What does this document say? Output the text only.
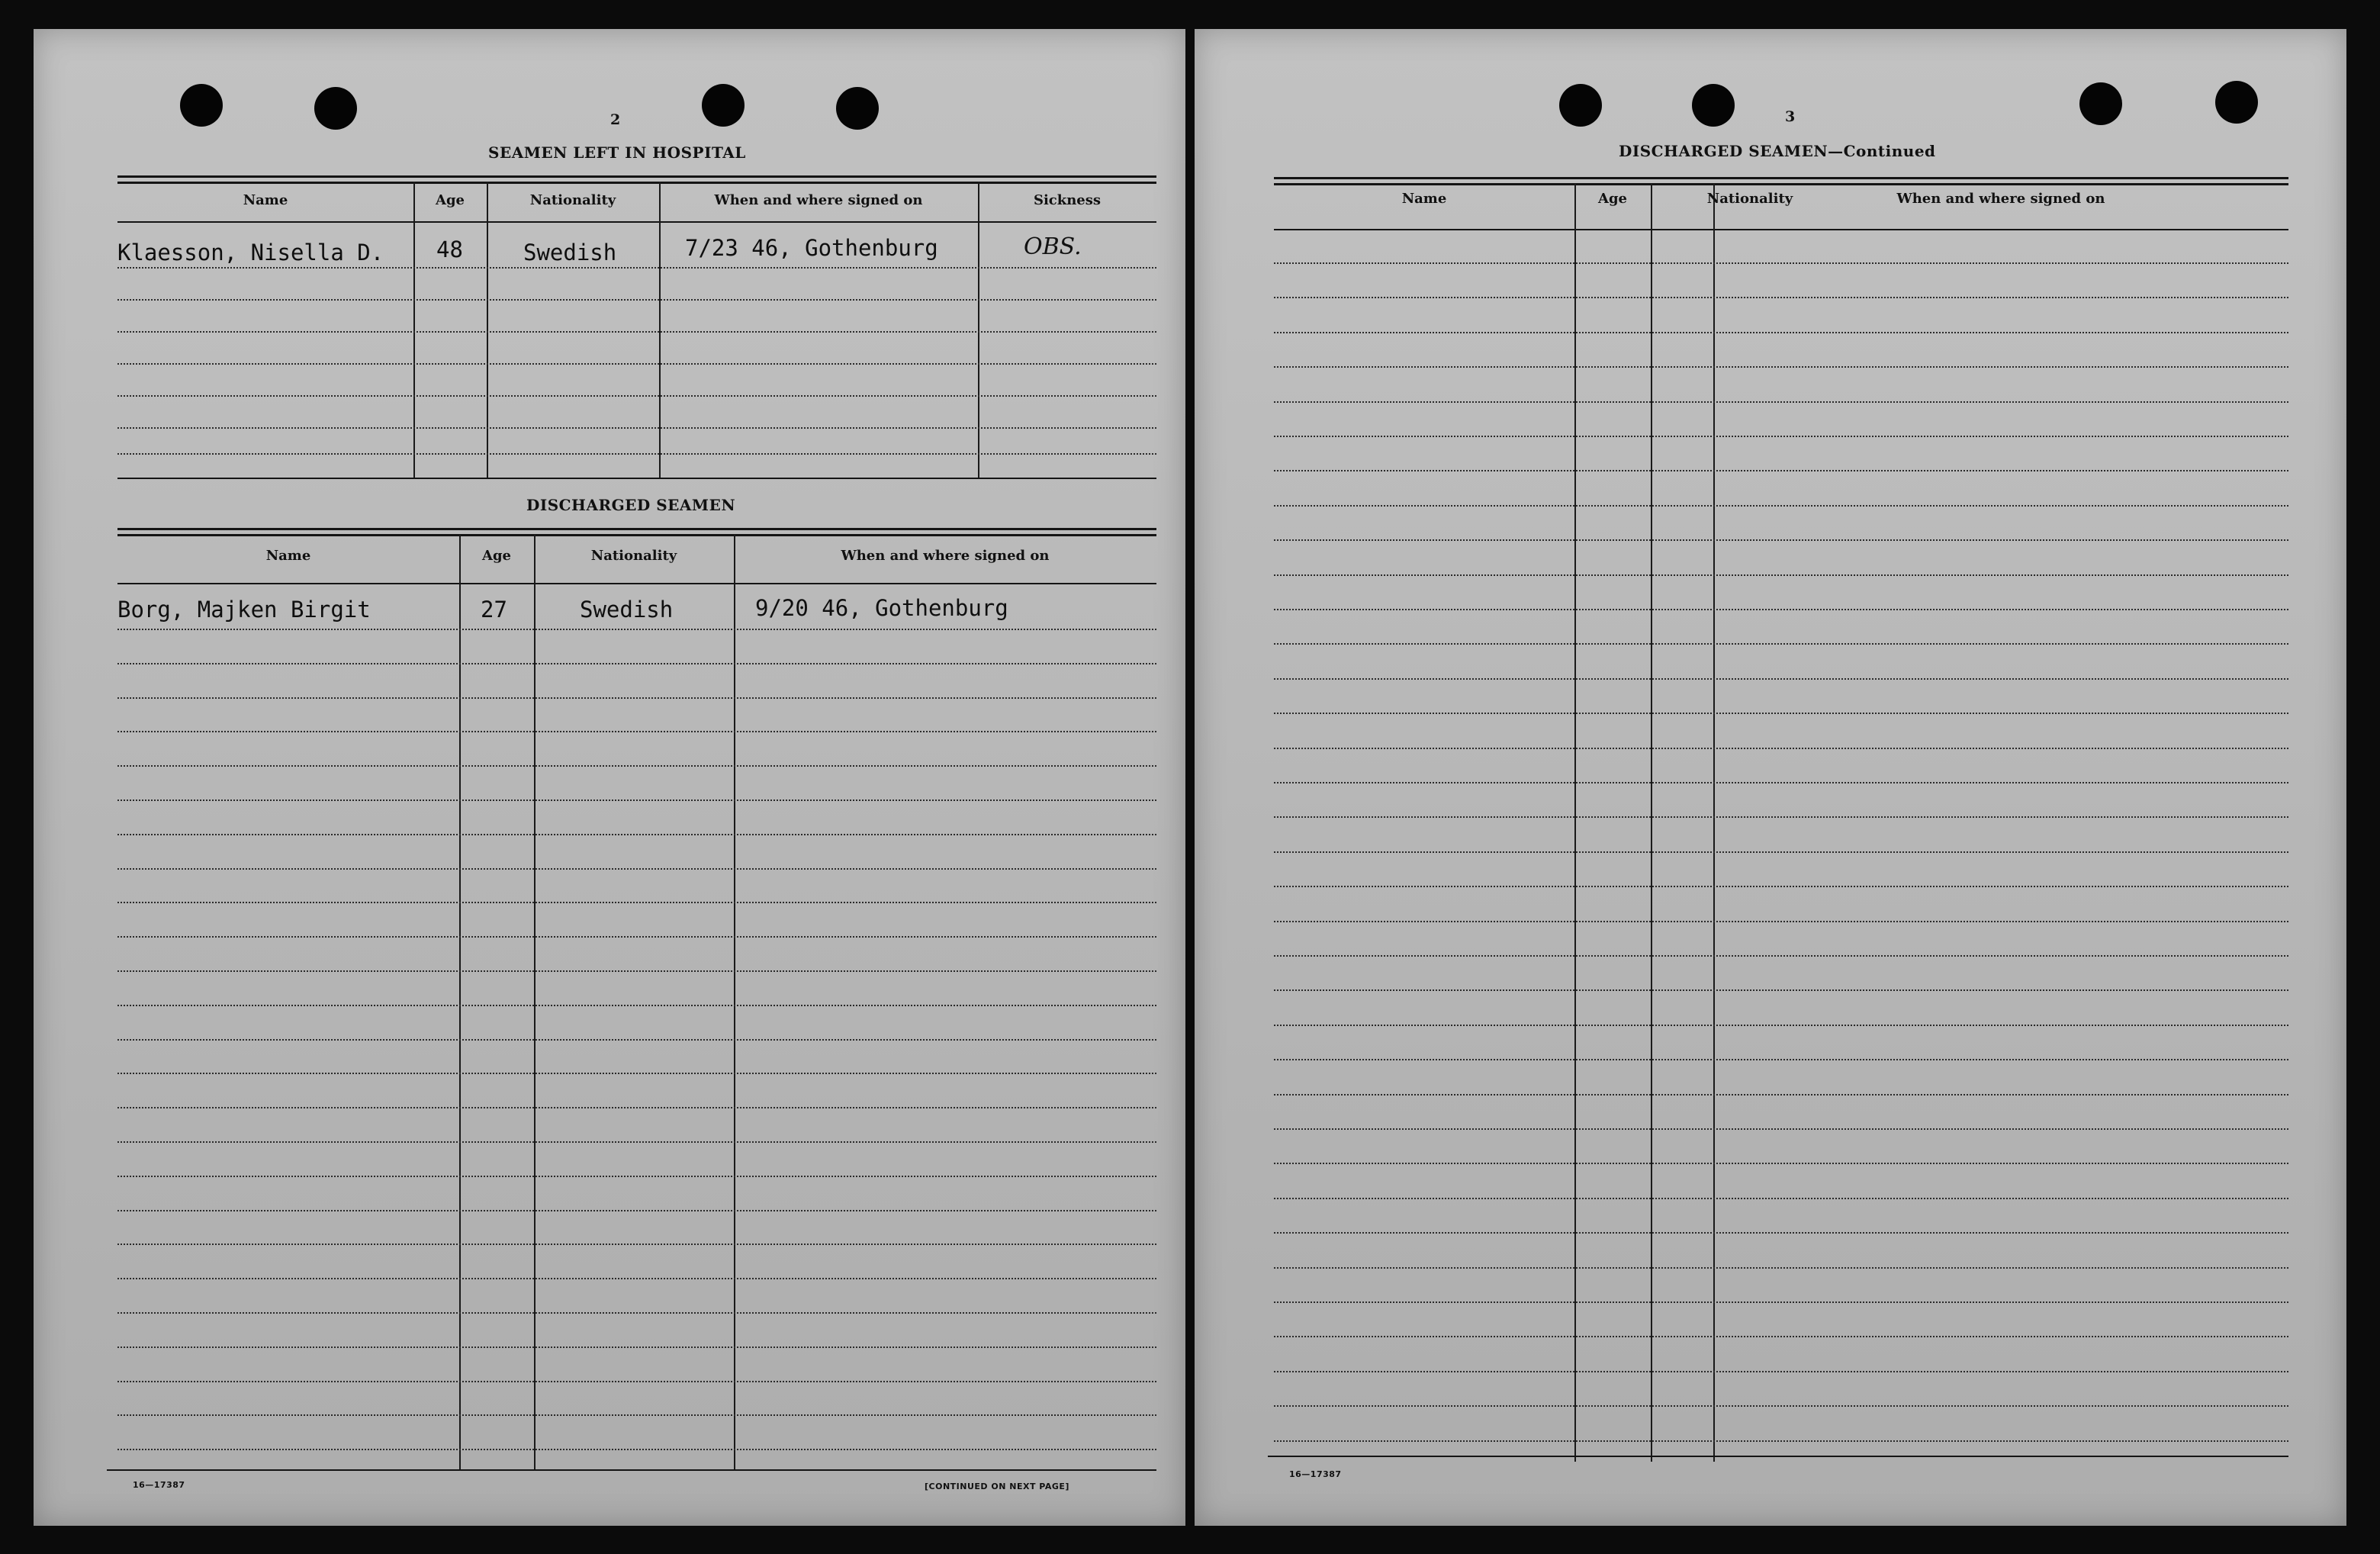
2
SEAMEN LEFT IN HOSPITAL
Name	Age	Nationality	When and where signed on	Sickness
Klaesson, Nisella D. 48	Swedish	7/23 46, Gothenburg	OBS.
DISCHARGED SEAMEN
Name	Age	Nationality	When and where signed on
Borg, Majken Birgit	27	Swedish	9/20 46, Gothenburg
16—17387	[CONTINUED ON NEXT PAGE]
3
DISCHARGED SEAMEN—Continued
Name	Age	Nationality	When and where signed on
16—17387
